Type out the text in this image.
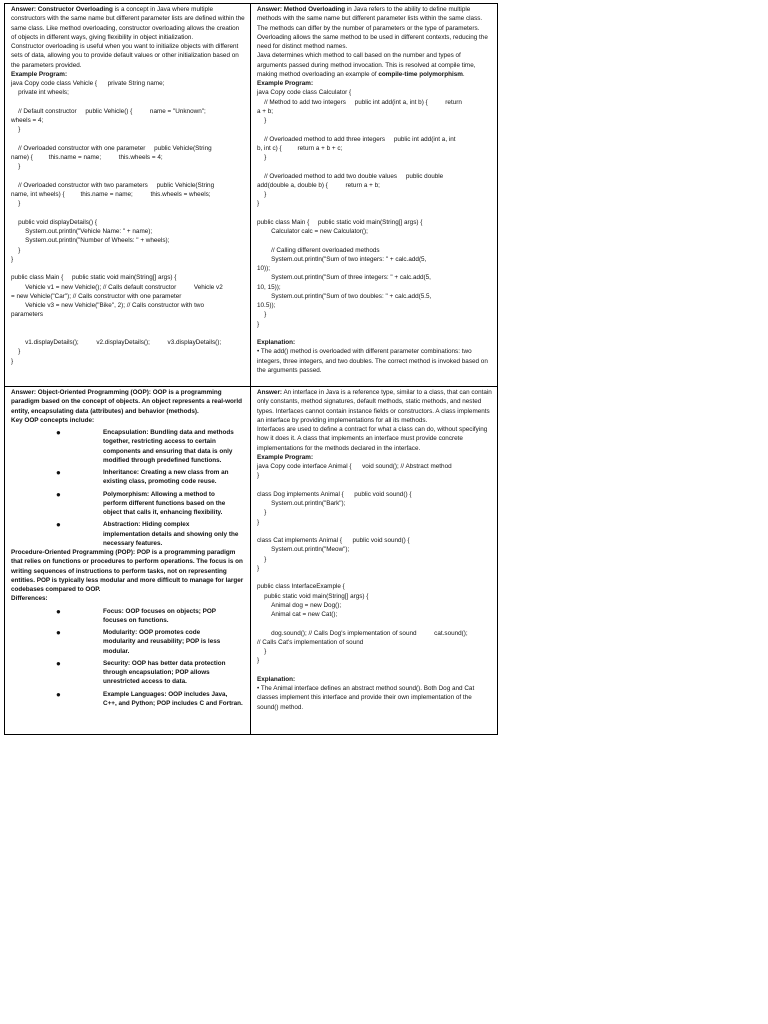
Answer: Constructor Overloading is a concept in Java where multiple constructors with the same name but different parameter lists are defined within the same class. Like method overloading, constructor overloading allows the creation of objects in different ways, giving flexibility in object initialization.

Constructor overloading is useful when you want to initialize objects with different sets of data, allowing you to provide default values or other initialization based on the parameters provided.

Example Program:

java Copy code class Vehicle {      private String name;
private int wheels;
// Default constructor     public Vehicle() {          name = "Unknown";
wheels = 4;
}
// Overloaded constructor with one parameter     public Vehicle(String
name) {         this.name = name;          this.wheels = 4;
}
// Overloaded constructor with two parameters     public Vehicle(String
name, int wheels) {         this.name = name;          this.wheels = wheels;
}
public void displayDetails() {
System.out.println("Vehicle Name: " + name);
System.out.println("Number of Wheels: " + wheels);
}
}
public class Main {     public static void main(String[] args) {
Vehicle v1 = new Vehicle(); // Calls default constructor          Vehicle v2
= new Vehicle("Car"); // Calls constructor with one parameter
Vehicle v3 = new Vehicle("Bike", 2); // Calls constructor with two
parameters
v1.displayDetails();          v2.displayDetails();          v3.displayDetails();
}
}

Answer: Method Overloading in Java refers to the ability to define multiple methods with the same name but different parameter lists within the same class. The methods can differ by the number of parameters or the type of parameters. Overloading allows the same method to be used in different contexts, reducing the need for distinct method names.

Java determines which method to call based on the number and types of arguments passed during method invocation. This is resolved at compile time, making method overloading an example of compile-time polymorphism.

Example Program:

java Copy code class Calculator {
// Method to add two integers     public int add(int a, int b) {          return
a + b;
}
// Overloaded method to add three integers     public int add(int a, int
b, int c) {         return a + b + c;
}
// Overloaded method to add two double values     public double
add(double a, double b) {          return a + b;
}
}
public class Main {     public static void main(String[] args) {
Calculator calc = new Calculator();
// Calling different overloaded methods
System.out.println("Sum of two integers: " + calc.add(5,
10));
System.out.println("Sum of three integers: " + calc.add(5,
10, 15));
System.out.println("Sum of two doubles: " + calc.add(5.5,
10.5));
}
}

Explanation:

• The add() method is overloaded with different parameter combinations: two integers, three integers, and two doubles. The correct method is invoked based on the arguments passed.

Answer: Object-Oriented Programming (OOP): OOP is a programming paradigm based on the concept of objects. An object represents a real-world entity, encapsulating data (attributes) and behavior (methods).

Key OOP concepts include:

●	Encapsulation: Bundling data and methods
together, restricting access to certain components and ensuring that data is only modified through predefined functions.
●	Inheritance: Creating a new class from an
existing class, promoting code reuse.
●	Polymorphism: Allowing a method to
perform different functions based on the object that calls it, enhancing flexibility.
●	Abstraction: Hiding complex
implementation details and showing only the necessary features.

Procedure-Oriented Programming (POP): POP is a programming paradigm that relies on functions or procedures to perform operations. The focus is on writing sequences of instructions to perform tasks, not on representing entities. POP is typically less modular and more difficult to manage for larger codebases compared to OOP.

Differences:

●	Focus: OOP focuses on objects; POP
focuses on functions.
●	Modularity: OOP promotes code
modularity and reusability; POP is less modular.
●	Security: OOP has better data protection
through encapsulation; POP allows unrestricted access to data.
●	Example Languages: OOP includes Java,
C++, and Python; POP includes C and Fortran.

Answer: An interface in Java is a reference type, similar to a class, that can contain only constants, method signatures, default methods, static methods, and nested types. Interfaces cannot contain instance fields or constructors. A class implements an interface by providing implementations for all its methods.

Interfaces are used to define a contract for what a class can do, without specifying how it does it. A class that implements an interface must provide concrete implementations for the methods declared in the interface.

Example Program:

java Copy code interface Animal {      void sound(); // Abstract method
}
class Dog implements Animal {      public void sound() {
System.out.println("Bark");
}
}
class Cat implements Animal {      public void sound() {
System.out.println("Meow");
}
}
public class InterfaceExample {
public static void main(String[] args) {
Animal dog = new Dog();
Animal cat = new Cat();
dog.sound(); // Calls Dog's implementation of sound          cat.sound();
// Calls Cat's implementation of sound
}
}

Explanation:

• The Animal interface defines an abstract method sound(). Both Dog and Cat classes implement this interface and provide their own implementation of the sound() method.
